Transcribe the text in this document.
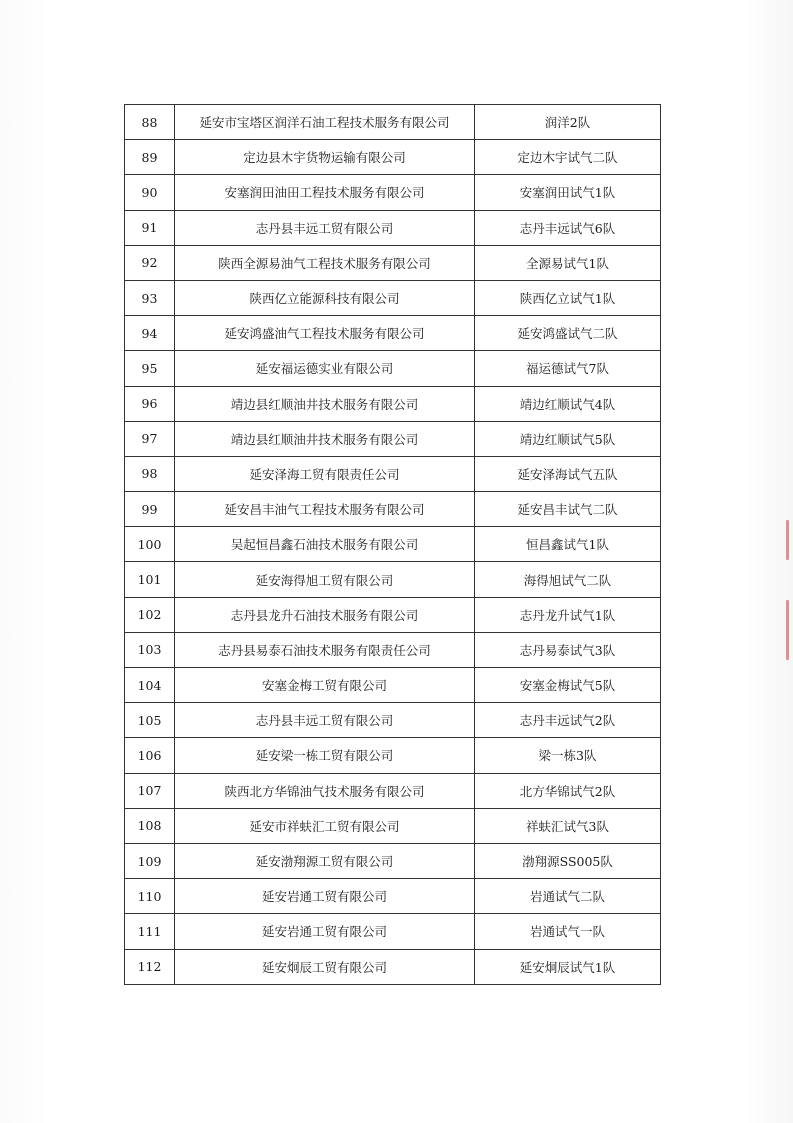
88	延安市宝塔区润洋石油工程技术服务有限公司	润洋2队
89	定边县木宇货物运输有限公司	定边木宇试气二队
90	安塞润田油田工程技术服务有限公司	安塞润田试气1队
91	志丹县丰远工贸有限公司	志丹丰远试气6队
92	陕西全源易油气工程技术服务有限公司	全源易试气1队
93	陕西亿立能源科技有限公司	陕西亿立试气1队
94	延安鸿盛油气工程技术服务有限公司	延安鸿盛试气二队
95	延安福运德实业有限公司	福运德试气7队
96	靖边县红顺油井技术服务有限公司	靖边红顺试气4队
97	靖边县红顺油井技术服务有限公司	靖边红顺试气5队
98	延安泽海工贸有限责任公司	延安泽海试气五队
99	延安昌丰油气工程技术服务有限公司	延安昌丰试气二队
100	吴起恒昌鑫石油技术服务有限公司	恒昌鑫试气1队
101	延安海得旭工贸有限公司	海得旭试气二队
102	志丹县龙升石油技术服务有限公司	志丹龙升试气1队
103	志丹县易泰石油技术服务有限责任公司	志丹易泰试气3队
104	安塞金梅工贸有限公司	安塞金梅试气5队
105	志丹县丰远工贸有限公司	志丹丰远试气2队
106	延安梁一栋工贸有限公司	梁一栋3队
107	陕西北方华锦油气技术服务有限公司	北方华锦试气2队
108	延安市祥蚨汇工贸有限公司	祥蚨汇试气3队
109	延安渤翔源工贸有限公司	渤翔源SS005队
110	延安岩通工贸有限公司	岩通试气二队
111	延安岩通工贸有限公司	岩通试气一队
112	延安炯辰工贸有限公司	延安炯辰试气1队
